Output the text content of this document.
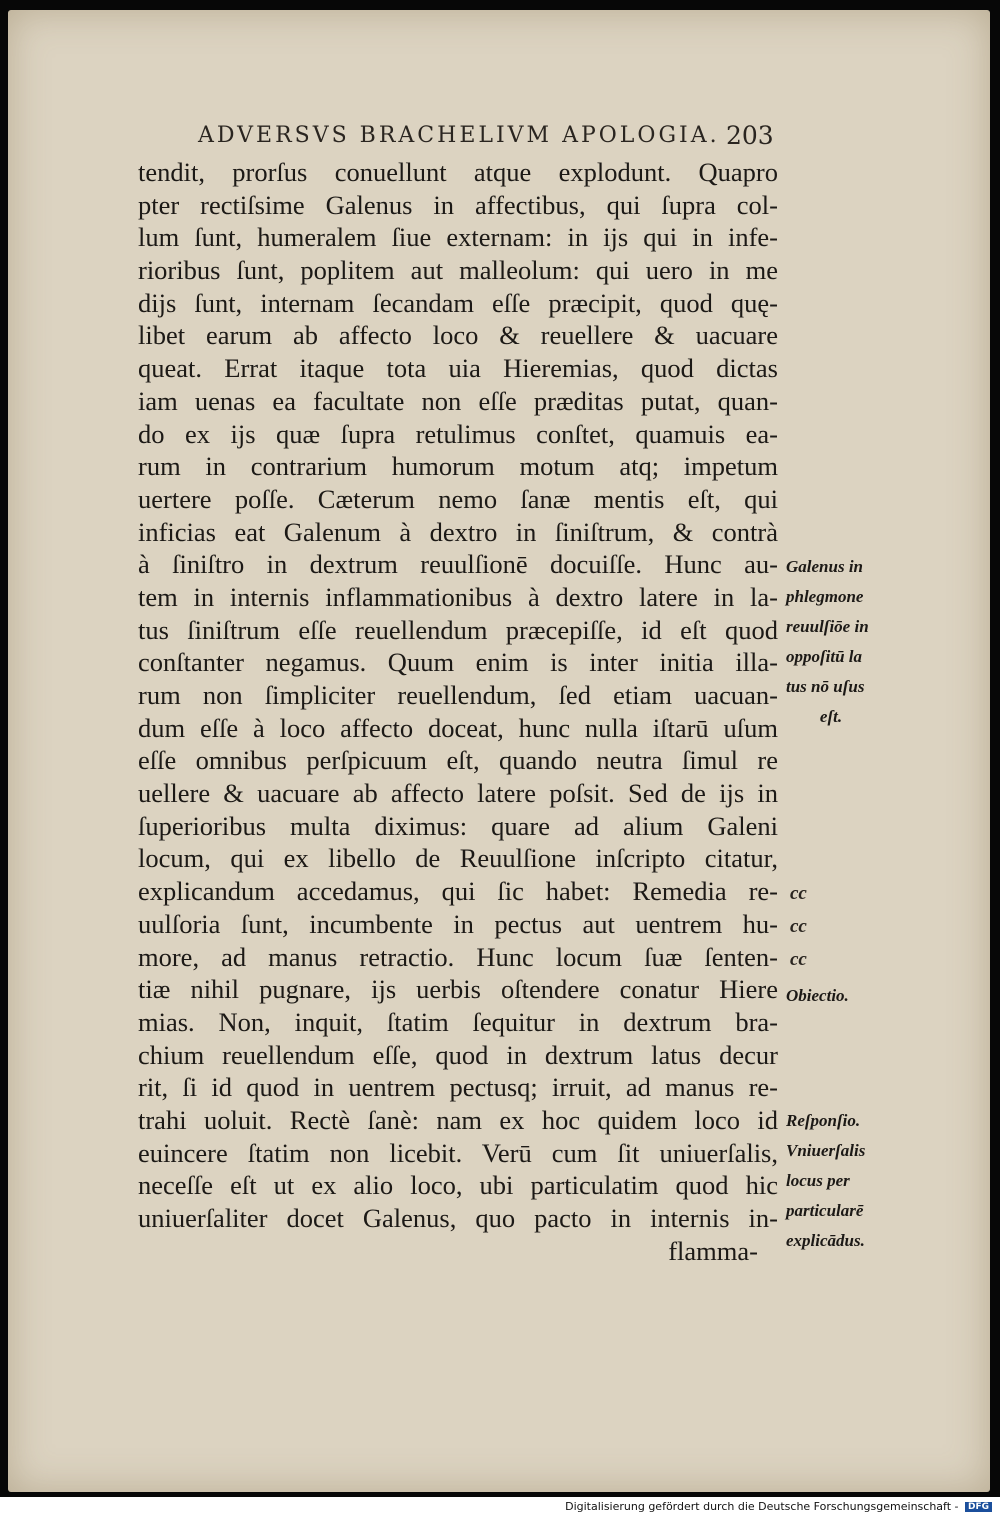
ADVERSVS BRACHELIVM APOLOGIA. 203
tendit, prorſus conuellunt atque explodunt. Quapro
pter rectiſsime Galenus in affectibus, qui ſupra col-
lum ſunt, humeralem ſiue externam: in ijs qui in infe-
rioribus ſunt, poplitem aut malleolum: qui uero in me
dijs ſunt, internam ſecandam eſſe præcipit, quod quę-
libet earum ab affecto loco & reuellere & uacuare
queat. Errat itaque tota uia Hieremias, quod dictas
iam uenas ea facultate non eſſe præditas putat, quan-
do ex ijs quæ ſupra retulimus conſtet, quamuis ea-
rum in contrarium humorum motum atq; impetum
uertere poſſe. Cæterum nemo ſanæ mentis eſt, qui
inficias eat Galenum à dextro in ſiniſtrum, & contrà
à ſiniſtro in dextrum reuulſionē docuiſſe. Hunc au-
tem in internis inflammationibus à dextro latere in la-
tus ſiniſtrum eſſe reuellendum præcepiſſe, id eſt quod
conſtanter negamus. Quum enim is inter initia illa-
rum non ſimpliciter reuellendum, ſed etiam uacuan-
dum eſſe à loco affecto doceat, hunc nulla iſtarū uſum
eſſe omnibus perſpicuum eſt, quando neutra ſimul re
uellere & uacuare ab affecto latere poſsit. Sed de ijs in
ſuperioribus multa diximus: quare ad alium Galeni
locum, qui ex libello de Reuulſione inſcripto citatur,
explicandum accedamus, qui ſic habet: Remedia re-
uulſoria ſunt, incumbente in pectus aut uentrem hu-
more, ad manus retractio. Hunc locum ſuæ ſenten-
tiæ nihil pugnare, ijs uerbis oſtendere conatur Hiere
mias. Non, inquit, ſtatim ſequitur in dextrum bra-
chium reuellendum eſſe, quod in dextrum latus decur
rit, ſi id quod in uentrem pectusq; irruit, ad manus re-
trahi uoluit. Rectè ſanè: nam ex hoc quidem loco id
euincere ſtatim non licebit. Verū cum ſit uniuerſalis,
neceſſe eſt ut ex alio loco, ubi particulatim quod hic
uniuerſaliter docet Galenus, quo pacto in internis in-
flamma-
Galenus in
phlegmone
reuulſiōe in
oppoſitū la
tus nō uſus
eſt.
cc
cc
cc
Obiectio.
Reſponſio.
Vniuerſalis
locus per
particularē
explicādus.
Digitalisierung gefördert durch die Deutsche Forschungsgemeinschaft - DFG
